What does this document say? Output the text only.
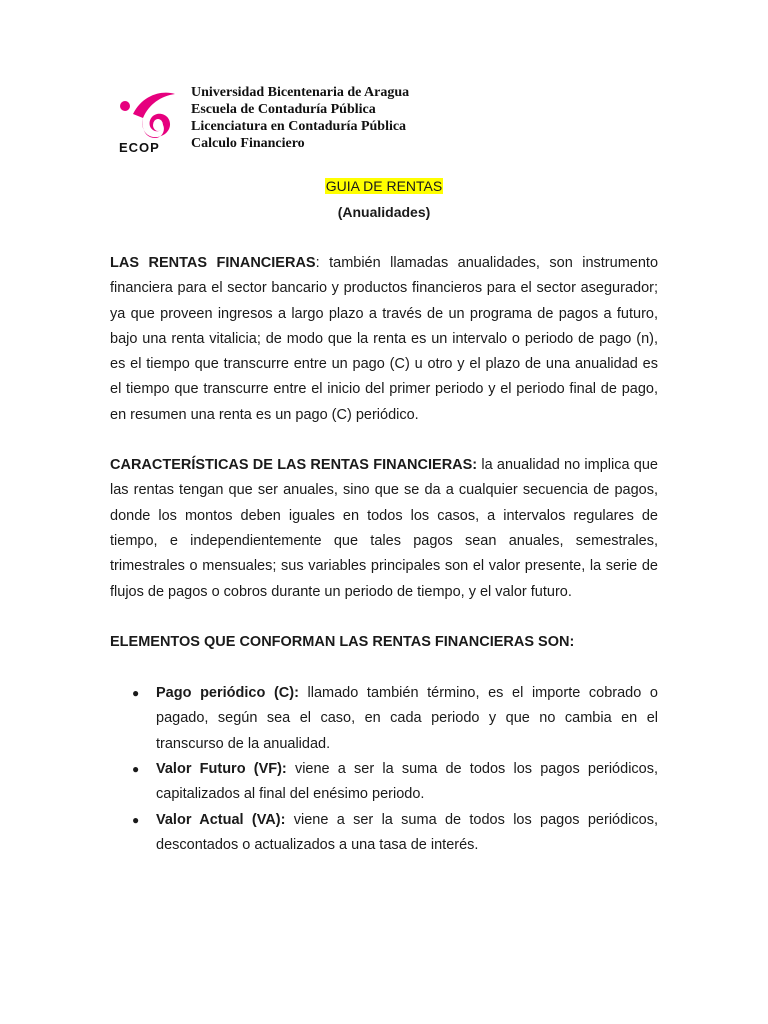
ECOP
Universidad Bicentenaria de Aragua
Escuela de Contaduría Pública
Licenciatura en Contaduría Pública
Calculo Financiero
GUIA DE RENTAS
(Anualidades)

LAS RENTAS FINANCIERAS: también llamadas anualidades, son instrumento financiera para el sector bancario y productos financieros para el sector asegurador; ya que proveen ingresos a largo plazo a través de un programa de pagos a futuro, bajo una renta vitalicia; de modo que la renta es un intervalo o periodo de pago (n), es el tiempo que transcurre entre un pago (C) u otro y el plazo de una anualidad es el tiempo que transcurre entre el inicio del primer periodo y el periodo final de pago, en resumen una renta es un pago (C) periódico.

CARACTERÍSTICAS DE LAS RENTAS FINANCIERAS: la anualidad no implica que las rentas tengan que ser anuales, sino que se da a cualquier secuencia de pagos, donde los montos deben iguales en todos los casos, a intervalos regulares de tiempo, e independientemente que tales pagos sean anuales, semestrales, trimestrales o mensuales; sus variables principales son el valor presente, la serie de flujos de pagos o cobros durante un periodo de tiempo, y el valor futuro.

ELEMENTOS QUE CONFORMAN LAS RENTAS FINANCIERAS SON:

● Pago periódico (C): llamado también término, es el importe cobrado o pagado, según sea el caso, en cada periodo y que no cambia en el transcurso de la anualidad.
● Valor Futuro (VF): viene a ser la suma de todos los pagos periódicos, capitalizados al final del enésimo periodo.
● Valor Actual (VA): viene a ser la suma de todos los pagos periódicos, descontados o actualizados a una tasa de interés.
